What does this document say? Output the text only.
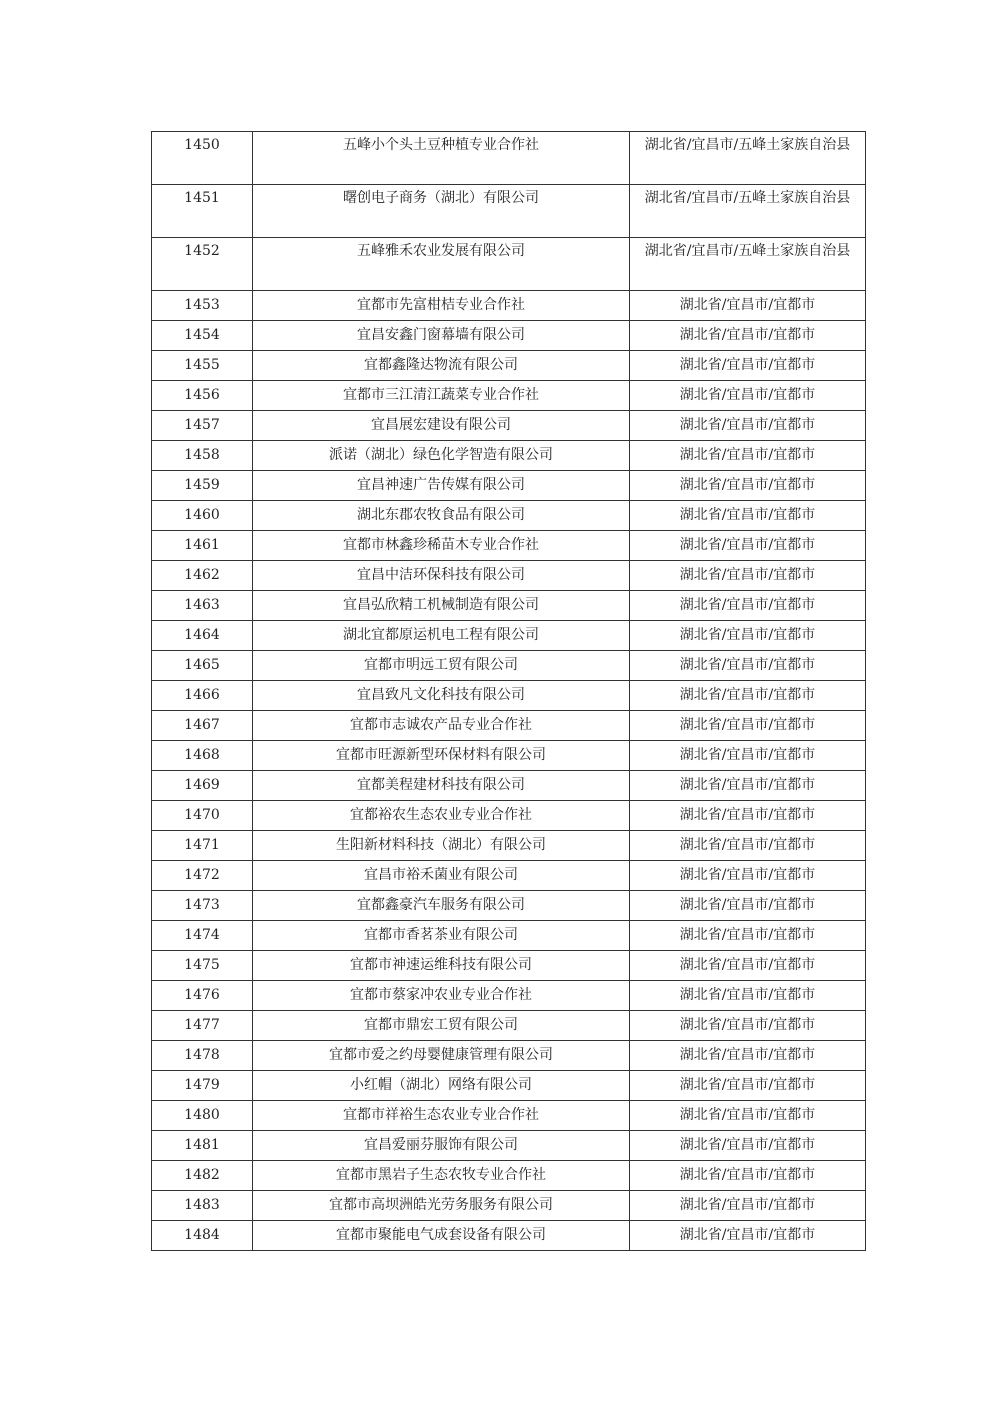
1450	五峰小个头土豆种植专业合作社	湖北省/宜昌市/五峰土家族自治县
1451	曙创电子商务（湖北）有限公司	湖北省/宜昌市/五峰土家族自治县
1452	五峰雅禾农业发展有限公司	湖北省/宜昌市/五峰土家族自治县
1453	宜都市先富柑桔专业合作社	湖北省/宜昌市/宜都市
1454	宜昌安鑫门窗幕墙有限公司	湖北省/宜昌市/宜都市
1455	宜都鑫隆达物流有限公司	湖北省/宜昌市/宜都市
1456	宜都市三江清江蔬菜专业合作社	湖北省/宜昌市/宜都市
1457	宜昌展宏建设有限公司	湖北省/宜昌市/宜都市
1458	派诺（湖北）绿色化学智造有限公司	湖北省/宜昌市/宜都市
1459	宜昌神速广告传媒有限公司	湖北省/宜昌市/宜都市
1460	湖北东郡农牧食品有限公司	湖北省/宜昌市/宜都市
1461	宜都市林鑫珍稀苗木专业合作社	湖北省/宜昌市/宜都市
1462	宜昌中洁环保科技有限公司	湖北省/宜昌市/宜都市
1463	宜昌弘欣精工机械制造有限公司	湖北省/宜昌市/宜都市
1464	湖北宜都原运机电工程有限公司	湖北省/宜昌市/宜都市
1465	宜都市明远工贸有限公司	湖北省/宜昌市/宜都市
1466	宜昌致凡文化科技有限公司	湖北省/宜昌市/宜都市
1467	宜都市志诚农产品专业合作社	湖北省/宜昌市/宜都市
1468	宜都市旺源新型环保材料有限公司	湖北省/宜昌市/宜都市
1469	宜都美程建材科技有限公司	湖北省/宜昌市/宜都市
1470	宜都裕农生态农业专业合作社	湖北省/宜昌市/宜都市
1471	生阳新材料科技（湖北）有限公司	湖北省/宜昌市/宜都市
1472	宜昌市裕禾菌业有限公司	湖北省/宜昌市/宜都市
1473	宜都鑫豪汽车服务有限公司	湖北省/宜昌市/宜都市
1474	宜都市香茗茶业有限公司	湖北省/宜昌市/宜都市
1475	宜都市神速运维科技有限公司	湖北省/宜昌市/宜都市
1476	宜都市蔡家冲农业专业合作社	湖北省/宜昌市/宜都市
1477	宜都市鼎宏工贸有限公司	湖北省/宜昌市/宜都市
1478	宜都市爱之约母婴健康管理有限公司	湖北省/宜昌市/宜都市
1479	小红帽（湖北）网络有限公司	湖北省/宜昌市/宜都市
1480	宜都市祥裕生态农业专业合作社	湖北省/宜昌市/宜都市
1481	宜昌爱丽芬服饰有限公司	湖北省/宜昌市/宜都市
1482	宜都市黑岩子生态农牧专业合作社	湖北省/宜昌市/宜都市
1483	宜都市高坝洲皓光劳务服务有限公司	湖北省/宜昌市/宜都市
1484	宜都市聚能电气成套设备有限公司	湖北省/宜昌市/宜都市
